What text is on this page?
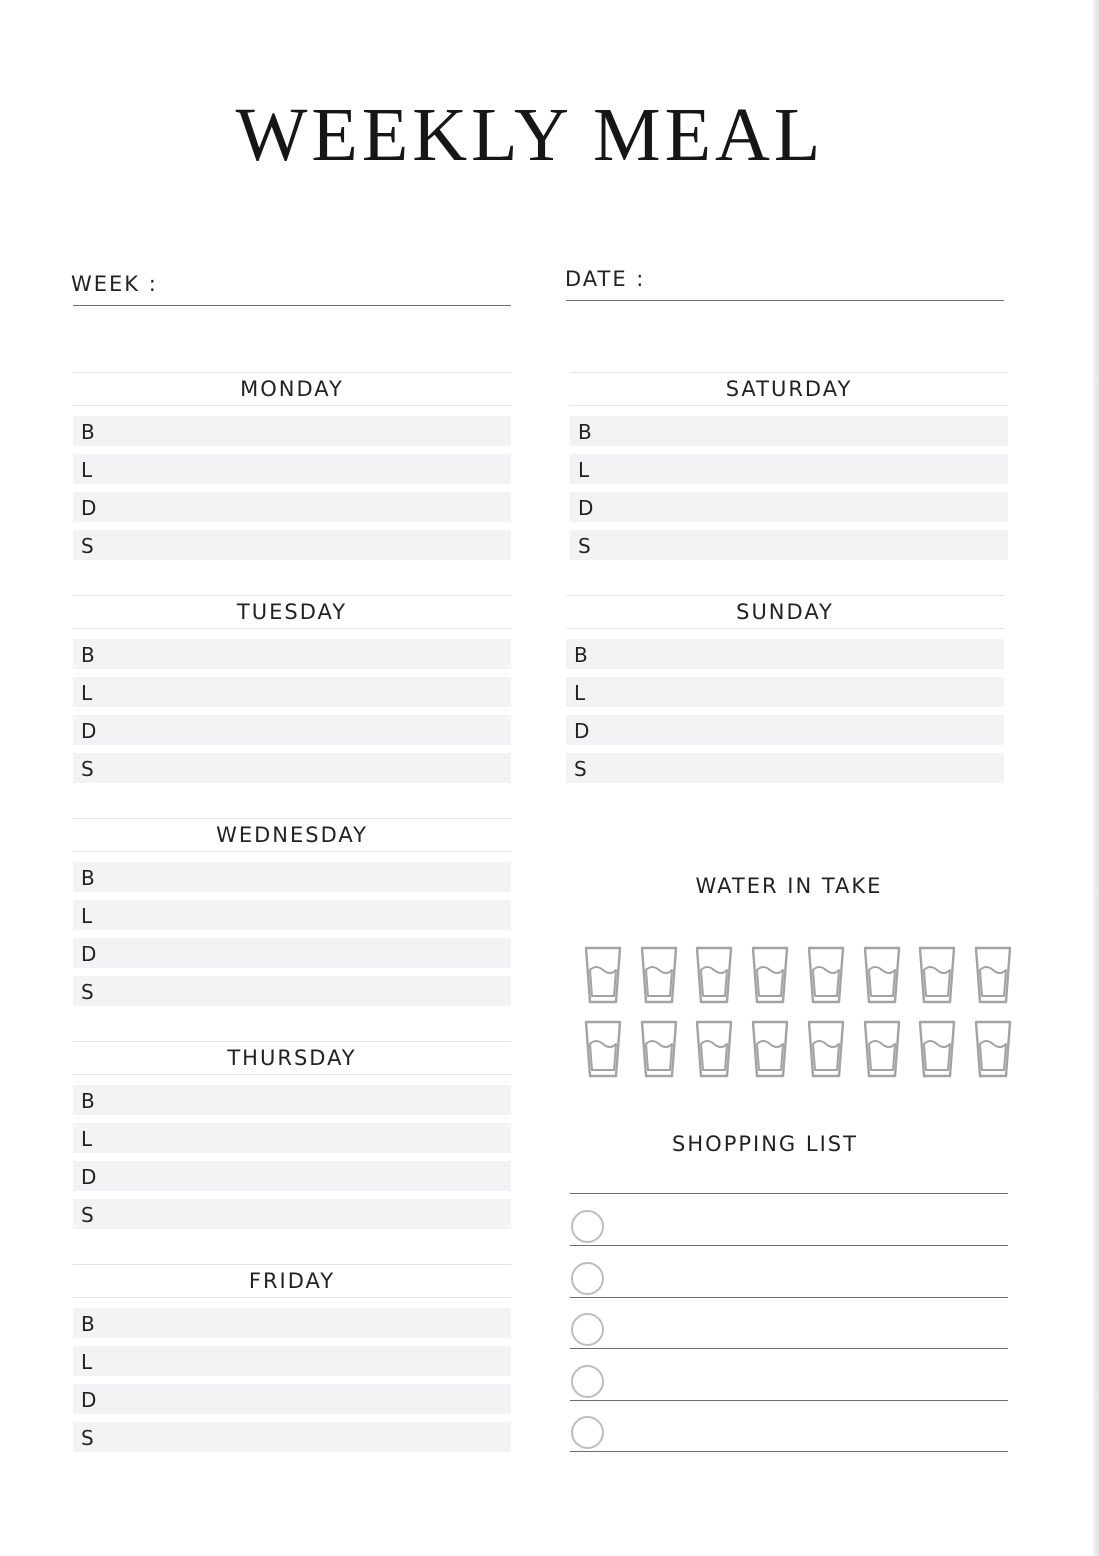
WEEKLY MEAL
WEEK :	DATE :
MONDAY
B
L
D
S
TUESDAY
B
L
D
S
WEDNESDAY
B
L
D
S
THURSDAY
B
L
D
S
FRIDAY
B
L
D
S
SATURDAY
B
L
D
S
SUNDAY
B
L
D
S
WATER IN TAKE
SHOPPING LIST
